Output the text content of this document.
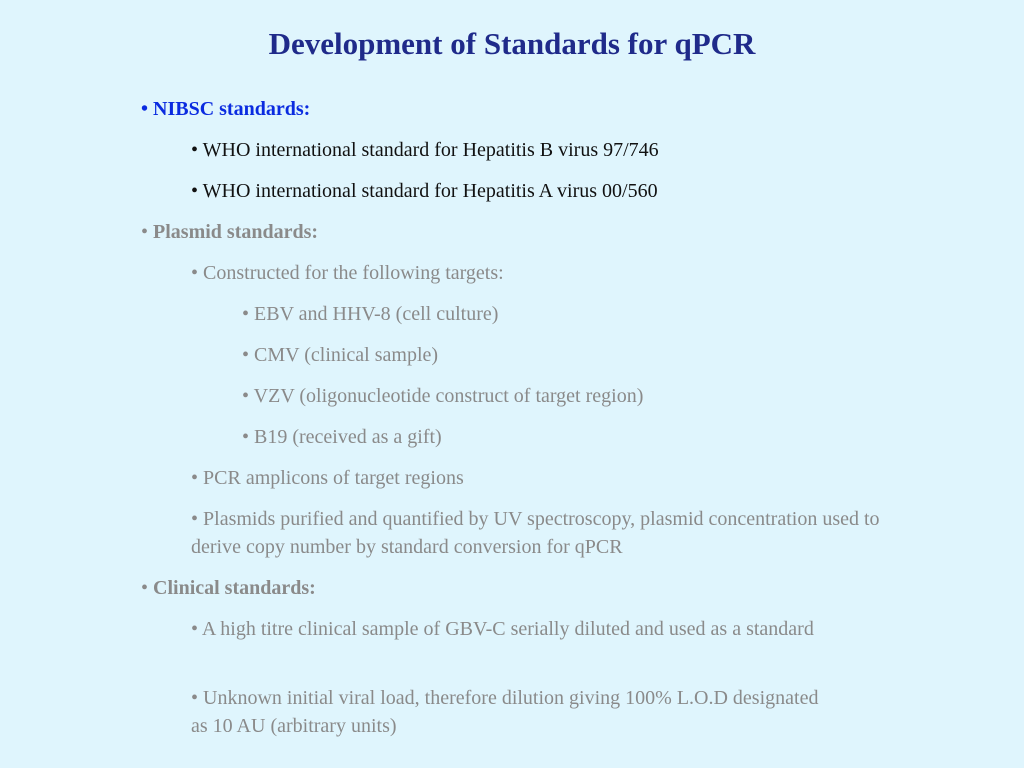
Development of Standards for qPCR
• NIBSC standards:
• WHO international standard for Hepatitis B virus 97/746
• WHO international standard for Hepatitis A virus 00/560
• Plasmid standards:
• Constructed for the following targets:
• EBV and HHV-8 (cell culture)
• CMV (clinical sample)
• VZV (oligonucleotide construct of target region)
• B19 (received as a gift)
• PCR amplicons of target regions
• Plasmids purified and quantified by UV spectroscopy, plasmid concentration used to derive copy number by standard conversion for qPCR
• Clinical standards:
• A high titre clinical sample of GBV-C serially diluted and used as a standard
• Unknown initial viral load, therefore dilution giving 100% L.O.D designated as 10 AU (arbitrary units)
